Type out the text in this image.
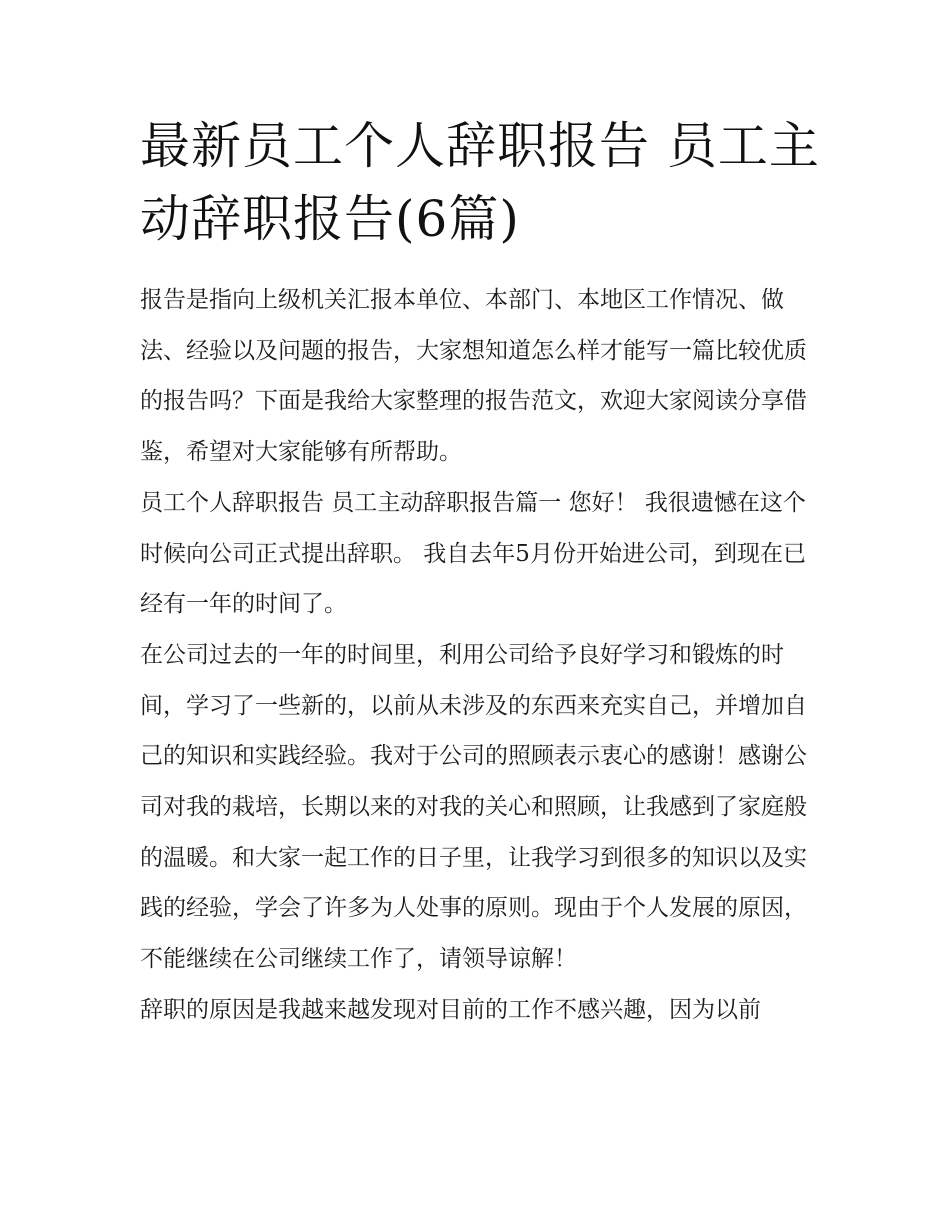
最新员工个人辞职报告 员工主动辞职报告(6篇)

报告是指向上级机关汇报本单位、本部门、本地区工作情况、做法、经验以及问题的报告，大家想知道怎么样才能写一篇比较优质的报告吗？下面是我给大家整理的报告范文，欢迎大家阅读分享借鉴，希望对大家能够有所帮助。

员工个人辞职报告 员工主动辞职报告篇一 您好！ 我很遗憾在这个时候向公司正式提出辞职。 我自去年5月份开始进公司，到现在已经有一年的时间了。

在公司过去的一年的时间里，利用公司给予良好学习和锻炼的时间，学习了一些新的，以前从未涉及的东西来充实自己，并增加自己的知识和实践经验。我对于公司的照顾表示衷心的感谢！感谢公司对我的栽培，长期以来的对我的关心和照顾，让我感到了家庭般的温暖。和大家一起工作的日子里，让我学习到很多的知识以及实践的经验，学会了许多为人处事的原则。现由于个人发展的原因，不能继续在公司继续工作了，请领导谅解！

辞职的原因是我越来越发现对目前的工作不感兴趣，因为以前
